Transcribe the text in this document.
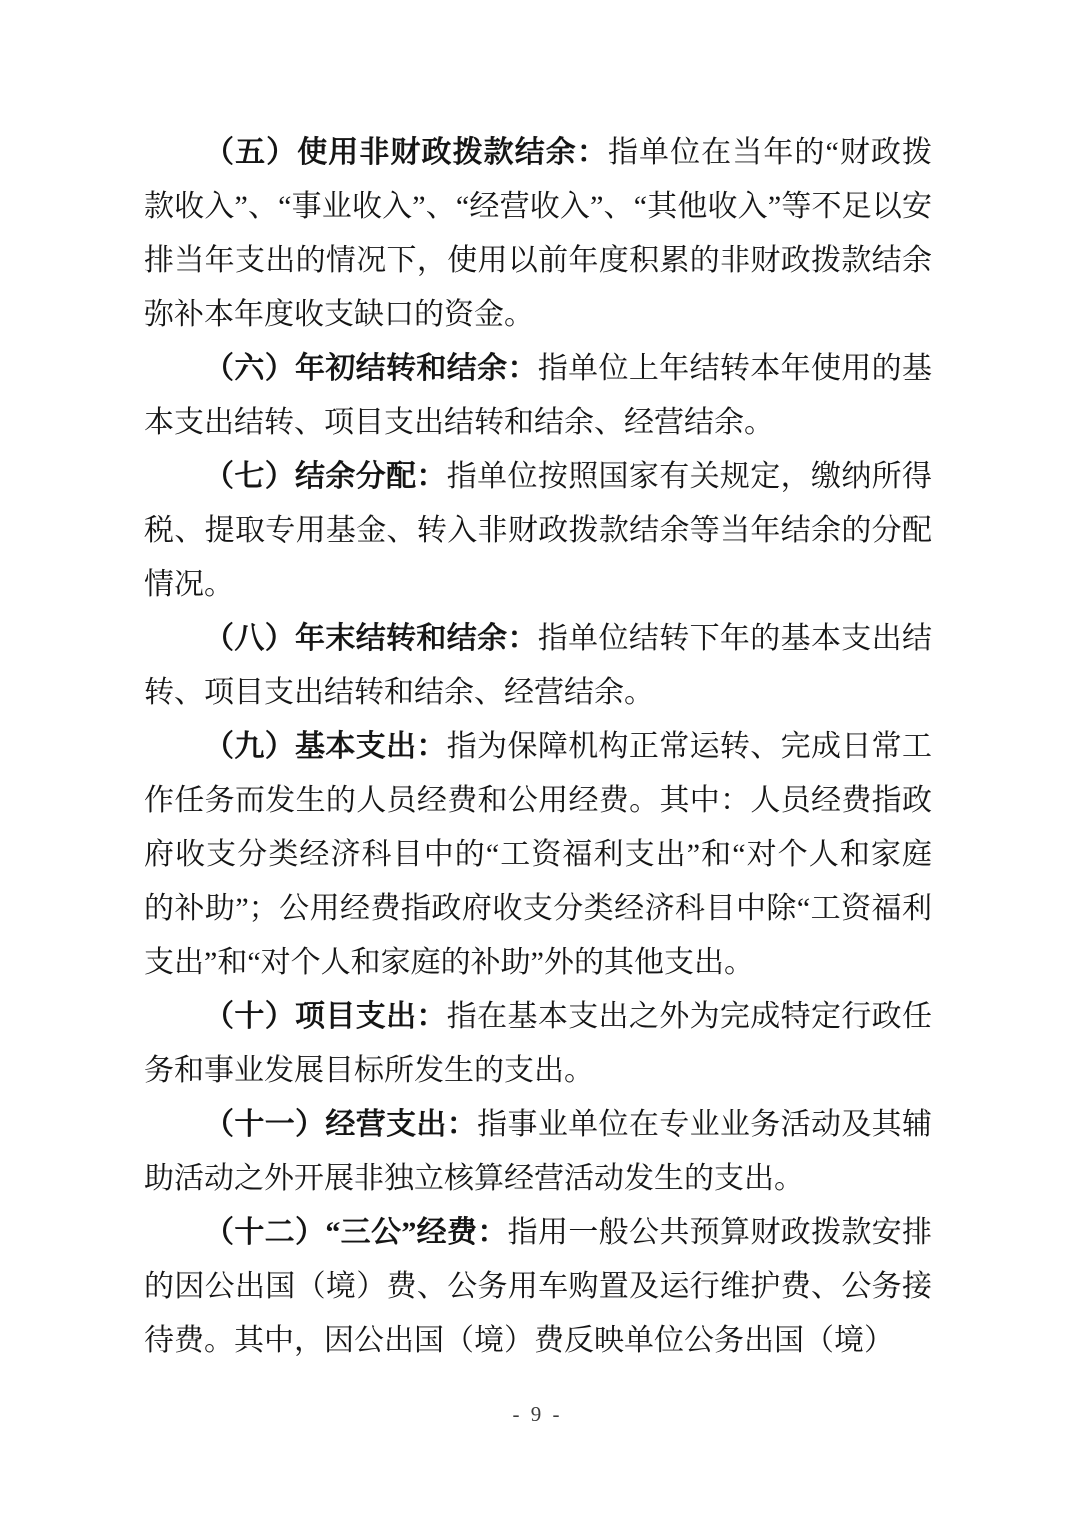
（五）使用非财政拨款结余：指单位在当年的“财政拨款收入”、“事业收入”、“经营收入”、“其他收入”等不足以安排当年支出的情况下，使用以前年度积累的非财政拨款结余弥补本年度收支缺口的资金。

（六）年初结转和结余：指单位上年结转本年使用的基本支出结转、项目支出结转和结余、经营结余。

（七）结余分配：指单位按照国家有关规定，缴纳所得税、提取专用基金、转入非财政拨款结余等当年结余的分配情况。

（八）年末结转和结余：指单位结转下年的基本支出结转、项目支出结转和结余、经营结余。

（九）基本支出：指为保障机构正常运转、完成日常工作任务而发生的人员经费和公用经费。其中：人员经费指政府收支分类经济科目中的“工资福利支出”和“对个人和家庭的补助”；公用经费指政府收支分类经济科目中除“工资福利支出”和“对个人和家庭的补助”外的其他支出。

（十）项目支出：指在基本支出之外为完成特定行政任务和事业发展目标所发生的支出。

（十一）经营支出：指事业单位在专业业务活动及其辅助活动之外开展非独立核算经营活动发生的支出。

（十二）“三公”经费：指用一般公共预算财政拨款安排的因公出国（境）费、公务用车购置及运行维护费、公务接待费。其中，因公出国（境）费反映单位公务出国（境）

- 9 -
